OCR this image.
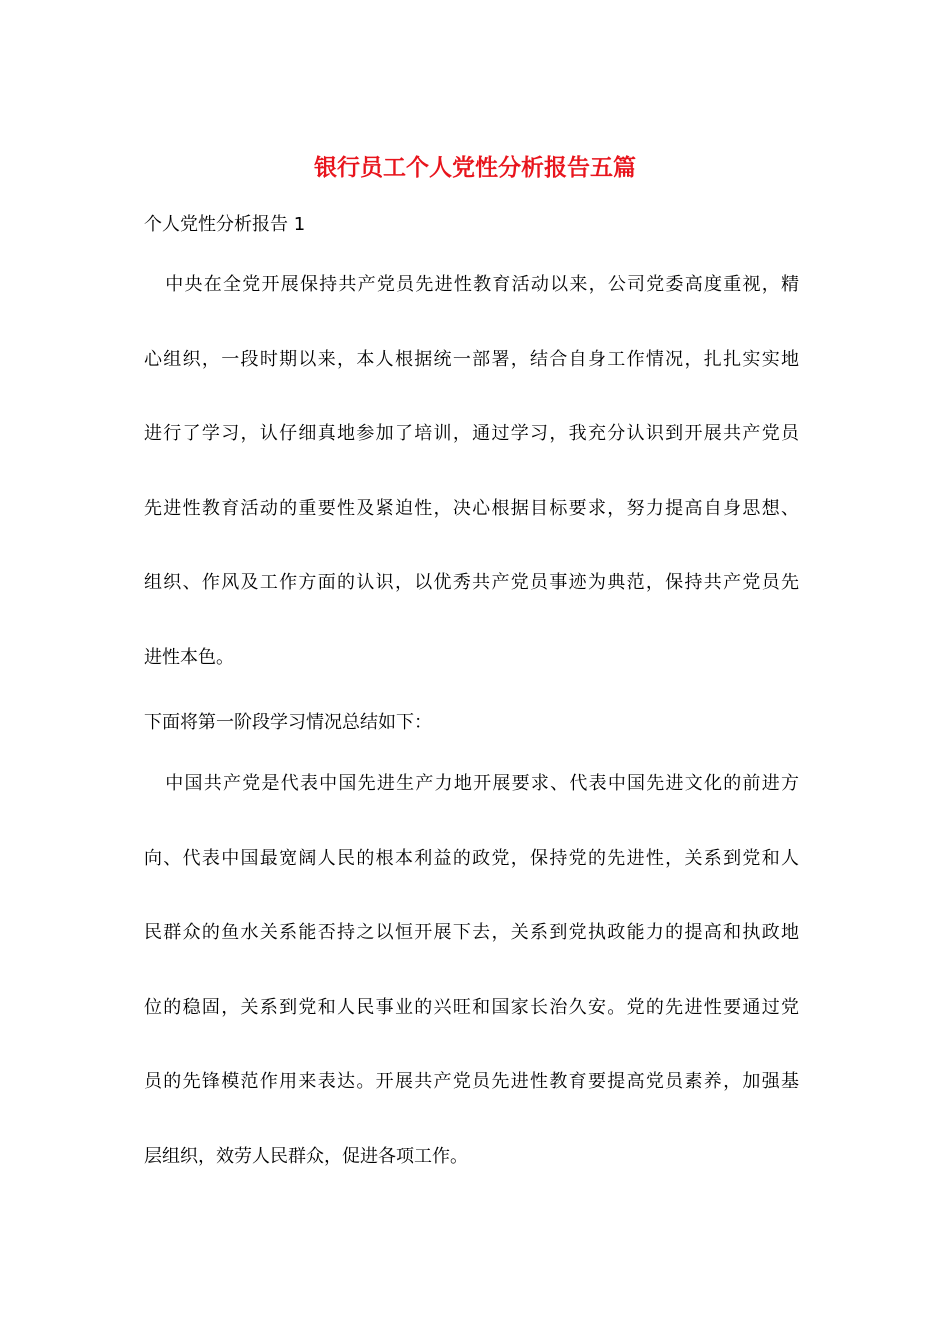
银行员工个人党性分析报告五篇
个人党性分析报告 1
中央在全党开展保持共产党员先进性教育活动以来，公司党委高度重视，精
心组织，一段时期以来，本人根据统一部署，结合自身工作情况，扎扎实实地
进行了学习，认仔细真地参加了培训，通过学习，我充分认识到开展共产党员
先进性教育活动的重要性及紧迫性，决心根据目标要求，努力提高自身思想、
组织、作风及工作方面的认识，以优秀共产党员事迹为典范，保持共产党员先
进性本色。
下面将第一阶段学习情况总结如下：
中国共产党是代表中国先进生产力地开展要求、代表中国先进文化的前进方
向、代表中国最宽阔人民的根本利益的政党，保持党的先进性，关系到党和人
民群众的鱼水关系能否持之以恒开展下去，关系到党执政能力的提高和执政地
位的稳固，关系到党和人民事业的兴旺和国家长治久安。党的先进性要通过党
员的先锋模范作用来表达。开展共产党员先进性教育要提高党员素养，加强基
层组织，效劳人民群众，促进各项工作。
